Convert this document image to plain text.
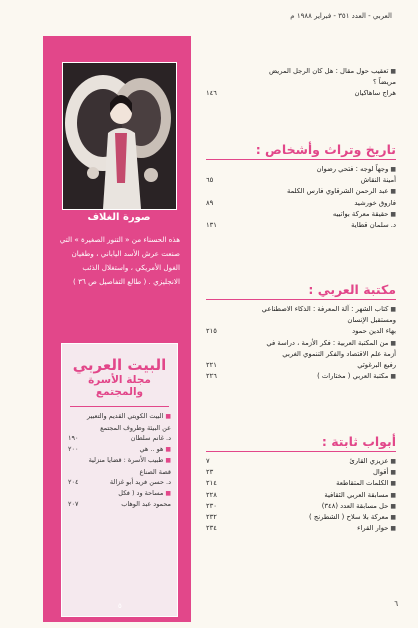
العربي - العدد ٣٥١ - فبراير ١٩٨٨ م
■ تعقيب حول مقال : هل كان الرجل المريض
مريضاً ؟
هراج ساهاكيان
١٤٦
تاريخ وتراث وأشخاص :
■ وجهاً لوجه : فتحي رضوان
أمينة النقاش
٦٥
■ عبد الرحمن الشرقاوي فارس الكلمة
فاروق خورشيد
٨٩
■ حقيقة معركة بواتييه
د. سلمان قطاية
١٣١
مكتبة العربي :
■ كتاب الشهر : آلة المعرفة : الذكاء الاصطناعي
ومستقبل الإنسان
بهاء الدين حمود
٢١٥
■ من المكتبة العربية : فكر الأزمة ، دراسة في
أزمة علم الاقتصاد والفكر التنموي الغربي
رفيع البرغوثي
٢٢١
■ مكتبة العربي ( مختارات )
٢٢٦
أبواب ثابتة :
■ عزيزي القارئ
٧
■ أقوال
٢٣
■ الكلمات المتقاطعة
٢١٤
■ مسابقة العربي الثقافية
٢٢٨
■ حل مسابقة العدد (٣٤٨)
٢٣٠
■ معركة بلا سلاح ( الشطرنج )
٢٣٢
■ حوار القراء
٢٣٤
٦
صورة الغلاف
هذه الحسناء من « التنور الصغيرة » التي صنعت عرش الأسد الياباني ، وطغيان الغول الأمريكي ، واستغلال الذئب الانجليزي . ( طالع التفاصيل ص ٣٦ )
البيت العربي
مجلة الأسرة
والمجتمع
■ البيت الكويتي القديم والتعبير
عن البيئة وظروف المجتمع
د. غانم سلطان
١٩٠
■ هو .. هي
٢٠٠
■ طبيب الأسرة : قضايا منزلية
قصة الصناع
د. حسن فريد أبو غزالة
٢٠٤
■ مساحة ود ( فكل
محمود عبد الوهاب
٢٠٧
٥
